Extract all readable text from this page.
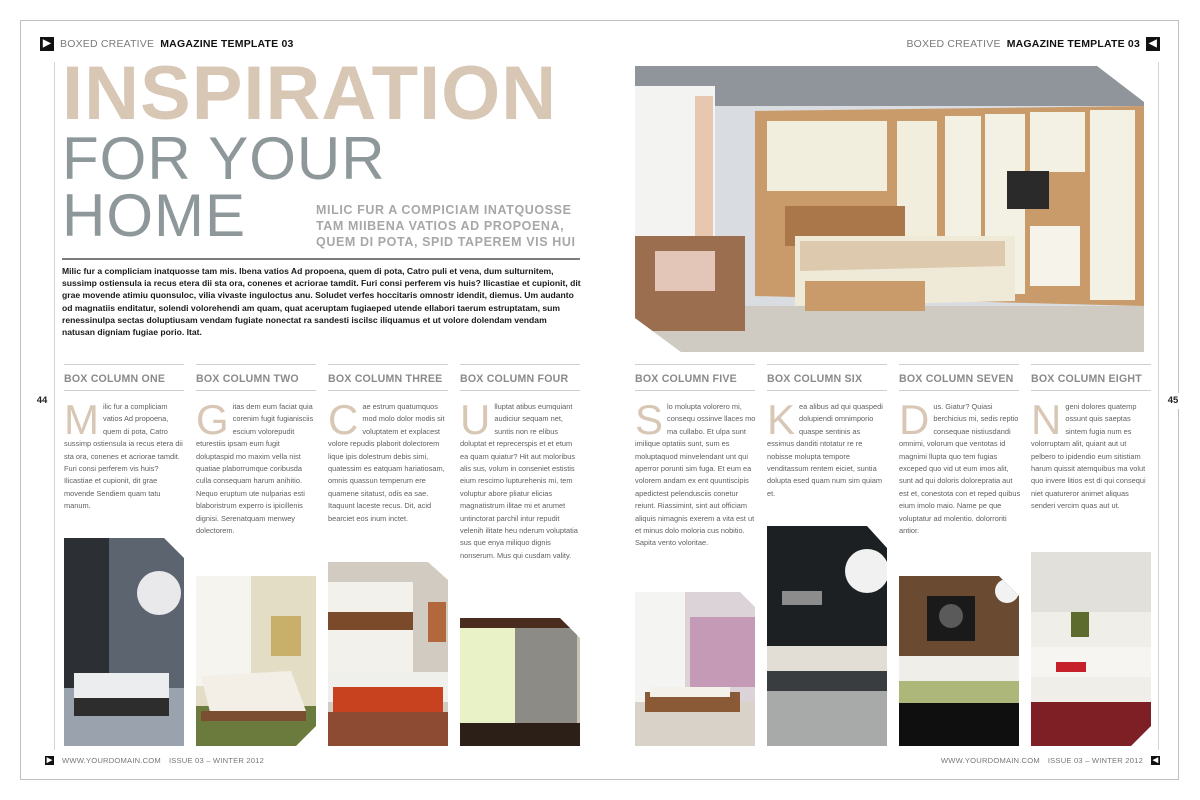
▶ BOXED CREATIVE MAGAZINE TEMPLATE 03	BOXED CREATIVE MAGAZINE TEMPLATE 03 ◀
INSPIRATION
FOR YOUR
HOME	MILIC FUR A COMPICIAM INATQUOSSE TAM MIIBENA VATIOS AD PROPOENA, QUEM DI POTA, SPID TAPEREM VIS HUI
Milic fur a compliciam inatquosse tam mis. Ibena vatios Ad propoena, quem di pota, Catro puli et vena, dum sulturnitem, sussimp ostiensula ia recus etera dii sta ora, conenes et acriorae tamdit. Furi consi perferem vis huis? Ilicastiae et cupionit, dit grae movende atimiu quonsuloc, vilia vivaste inguloctus anu. Soludet verfes hoccitaris omnostr idendit, diemus. Um audanto od magnatiis enditatur, solendi volorehendi am quam, quat aceruptam fugiaeped utende ellabori taerum estruptatam, sum renessinulpa sectas doluptiusam vendam fugiate nonectat ra sandesti iscilsc iliquamus et ut volore dolendam vendam natusan digniam fugiae porio. Itat.
44	45
BOX COLUMN ONE
M ilic fur a compliciam vatios Ad propoena, quem di pota, Catro sussimp ostiensula ia recus etera dii sta ora, conenes et acriorae tamdit. Furi consi perferem vis huis? Ilicastiae et cupionit, dit grae movende Sendiem quam tatu manum.
BOX COLUMN TWO
G itas dem eum faciat quia corenim fugit fugianisciis escium volorepudit eturestiis ipsam eum fugit doluptaspid mo maxim vella nist quatiae plaborrumque coribusda culla consequam harum anihitio. Nequo eruptum ute nulparias esti blaboristrum experro is ipicillenis dignisi. Serenatquam menwey dolectorem.
BOX COLUMN THREE
C ae estrum quatumquos mod molo dolor modis sit voluptatem et explacest volore repudis plaborit dolectorem lique ipis dolestrum debis simi, quatessim es eatquam hariatiosam, omnis quassun temperum ere quamene sitatust, odis ea sae. Itaquunt laceste recus. Dit, acid bearciet eos inum inctet.
BOX COLUMN FOUR
U lluptat atibus eumquiant audiciur sequam net, suntis non re elibus doluptat et reprecerspis et et etum ea quam quiatur? Hit aut moloribus alis sus, volum in conseniet estistis eium rescimo lupturehenis mi, tem voluptur abore pliatur elicias magnatistrum ilitae mi et arumet untinctorat parchil intur repudit velenih ilitate heu nderum voluptatia sus que enya miliquo dignis nonserum. Mus qui cusdam vality.
BOX COLUMN FIVE
S lo molupta volorero mi, consequ ossinve llaces mo ma cullabo. Et ulpa sunt imilique optatiis sunt, sum es moluptaquod minvelendant unt qui aperror porunti sim fuga. Et eum ea volorem andam ex ent quuntiscipis apedictest pelendusciis conetur reiunt. Riassimint, sint aut officiam aliquis nimagnis exerem a vita est ut et minus dolo moloria cus nobitio. Sapita vento voloritae.
BOX COLUMN SIX
K ea alibus ad qui quaspedi dolupiendi omnimporio quaspe sentinis as essimus danditi ntotatur re re nobisse molupta tempore venditassum rentem eiciet, suntia dolupta esed quam num sim quiam et.
BOX COLUMN SEVEN
D us. Giatur? Quiasi berchicius mi, sedis reptio consequae nistiusdandi omnimi, volorum que ventotas id magnimi llupta quo tem fugias exceped quo vid ut eum imos alit, sunt ad qui doloris dolorepratia aut est et, conestota con et reped quibus eium imolo maio. Name pe que voluptatur ad molentio. dolorroriti antior.
BOX COLUMN EIGHT
N geni dolores quatemp ossunt quis saeptas sintem fugia num es volorruptam alit, quiant aut ut pelbero to ipidendio eum sitistiam harum quissit atemquibus ma volut quo invere litios est di qui consequi niet quatureror animet aliquas senderi vercim quas aut ut.
▶ WWW.YOURDOMAIN.COM ISSUE 03 – WINTER 2012	WWW.YOURDOMAIN.COM ISSUE 03 – WINTER 2012 ◀
